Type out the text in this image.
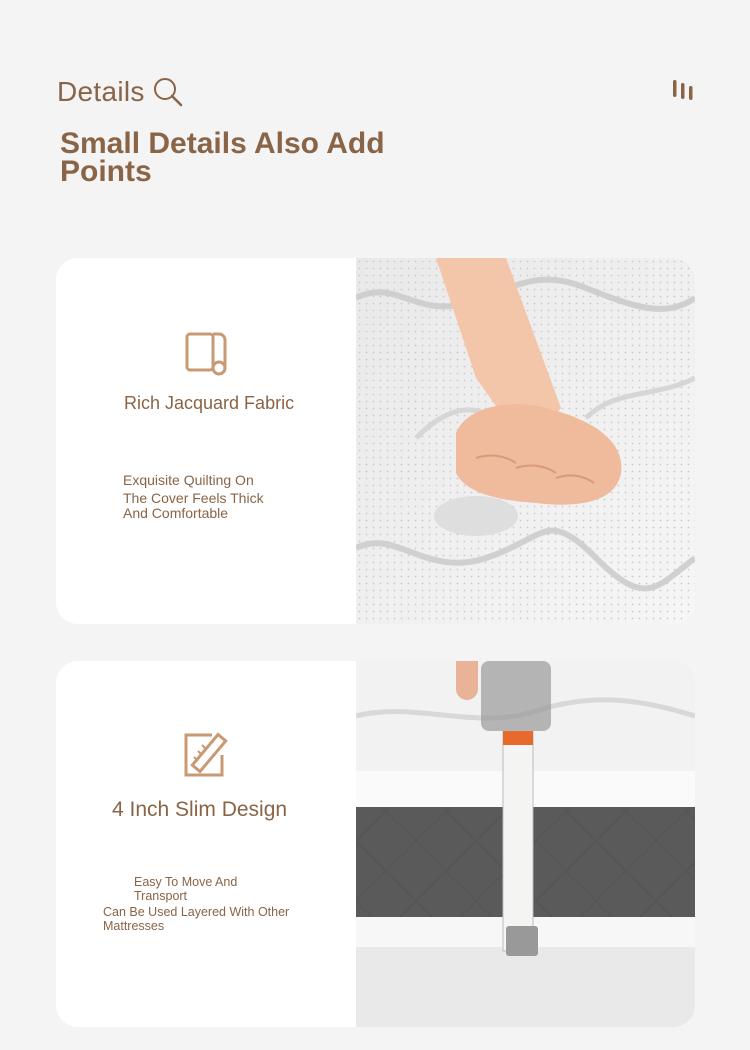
Details
Small Details Also Add Points
Rich Jacquard Fabric
Exquisite Quilting On
The Cover Feels Thick
And Comfortable
4 Inch Slim Design
Easy To Move And
Transport
Can Be Used Layered With Other
Mattresses
